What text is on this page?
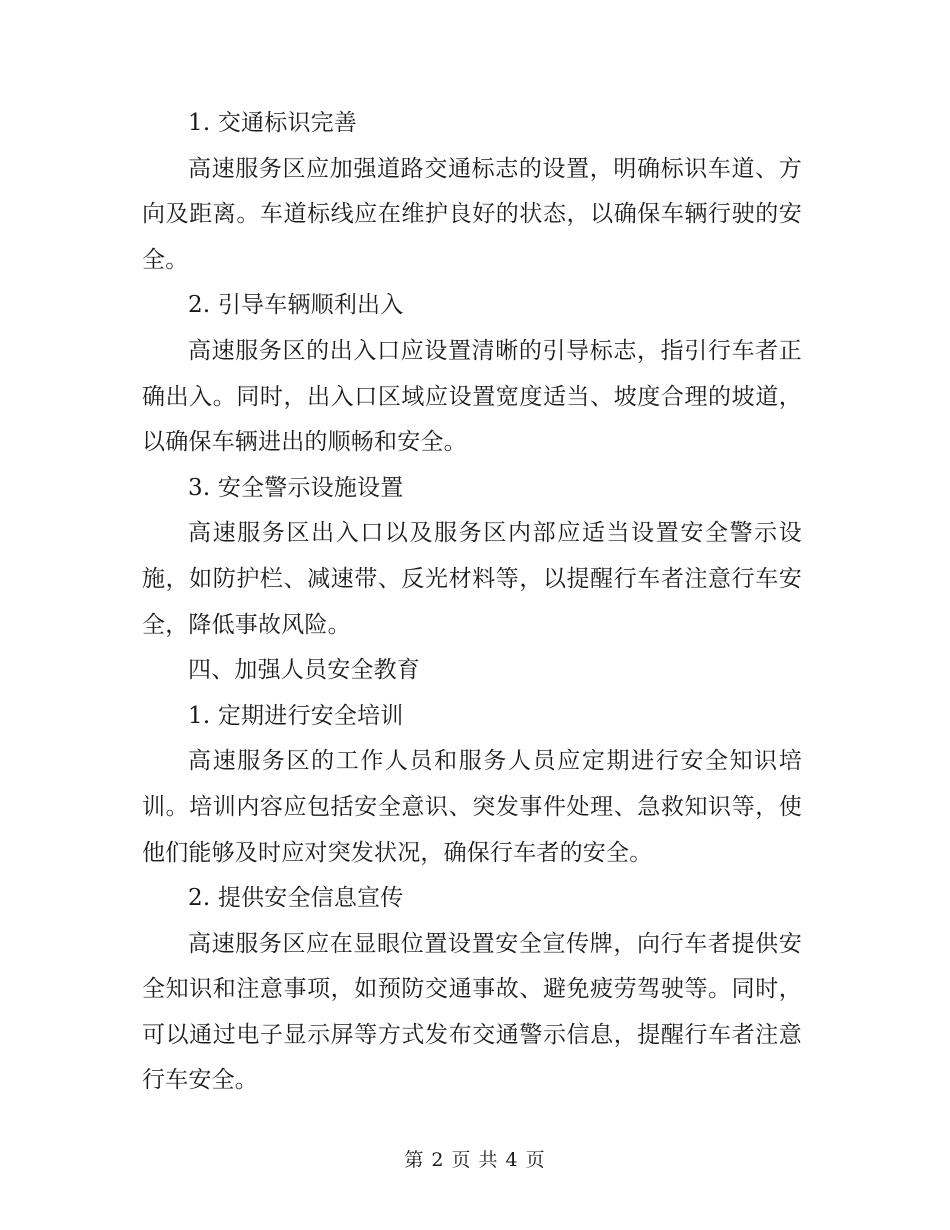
1. 交通标识完善

高速服务区应加强道路交通标志的设置，明确标识车道、方向及距离。车道标线应在维护良好的状态，以确保车辆行驶的安全。

2. 引导车辆顺利出入

高速服务区的出入口应设置清晰的引导标志，指引行车者正确出入。同时，出入口区域应设置宽度适当、坡度合理的坡道，以确保车辆进出的顺畅和安全。

3. 安全警示设施设置

高速服务区出入口以及服务区内部应适当设置安全警示设施，如防护栏、减速带、反光材料等，以提醒行车者注意行车安全，降低事故风险。

四、加强人员安全教育

1. 定期进行安全培训

高速服务区的工作人员和服务人员应定期进行安全知识培训。培训内容应包括安全意识、突发事件处理、急救知识等，使他们能够及时应对突发状况，确保行车者的安全。

2. 提供安全信息宣传

高速服务区应在显眼位置设置安全宣传牌，向行车者提供安全知识和注意事项，如预防交通事故、避免疲劳驾驶等。同时，可以通过电子显示屏等方式发布交通警示信息，提醒行车者注意行车安全。

第 2 页 共 4 页
